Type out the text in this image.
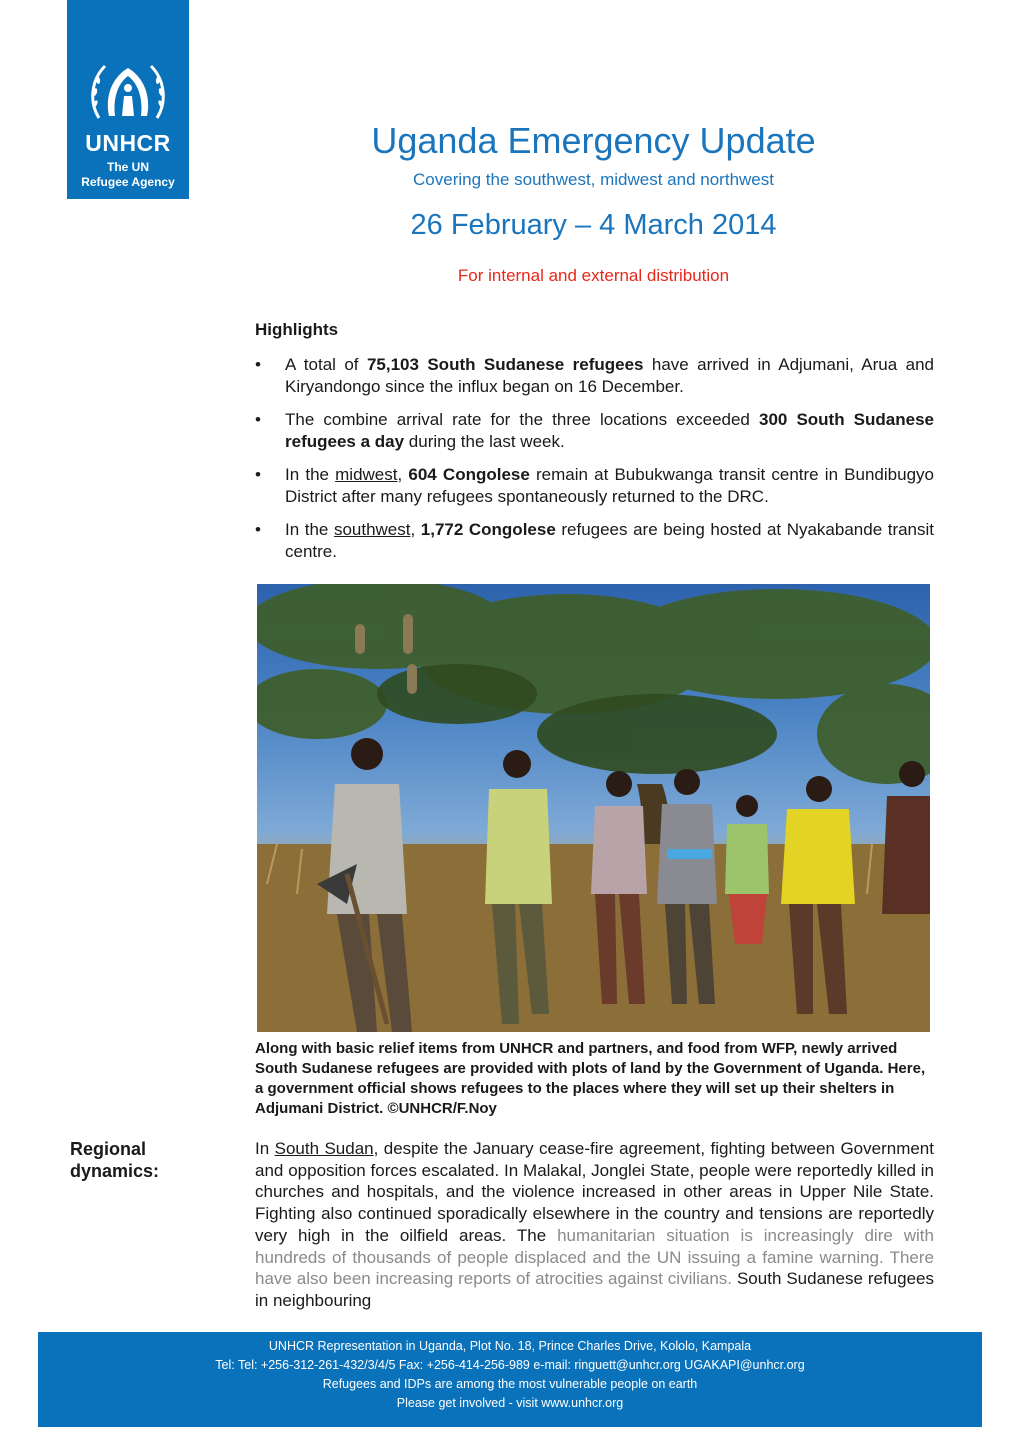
UNHCR
The UN
Refugee Agency
Uganda Emergency Update
Covering the southwest, midwest and northwest
26 February – 4 March 2014
For internal and external distribution
Highlights
• A total of 75,103 South Sudanese refugees have arrived in Adjumani, Arua and Kiryandongo since the influx began on 16 December.
• The combine arrival rate for the three locations exceeded 300 South Sudanese refugees a day during the last week.
• In the midwest, 604 Congolese remain at Bubukwanga transit centre in Bundibugyo District after many refugees spontaneously returned to the DRC.
• In the southwest, 1,772 Congolese refugees are being hosted at Nyakabande transit centre.
Along with basic relief items from UNHCR and partners, and food from WFP, newly arrived South Sudanese refugees are provided with plots of land by the Government of Uganda. Here, a government official shows refugees to the places where they will set up their shelters in Adjumani District. ©UNHCR/F.Noy
Regional
dynamics:
In South Sudan, despite the January cease-fire agreement, fighting between Government and opposition forces escalated. In Malakal, Jonglei State, people were reportedly killed in churches and hospitals, and the violence increased in other areas in Upper Nile State. Fighting also continued sporadically elsewhere in the country and tensions are reportedly very high in the oilfield areas. The humanitarian situation is increasingly dire with hundreds of thousands of people displaced and the UN issuing a famine warning. There have also been increasing reports of atrocities against civilians. South Sudanese refugees in neighbouring
UNHCR Representation in Uganda, Plot No. 18, Prince Charles Drive, Kololo, Kampala
Tel: Tel: +256-312-261-432/3/4/5 Fax: +256-414-256-989 e-mail: ringuett@unhcr.org UGAKAPI@unhcr.org
Refugees and IDPs are among the most vulnerable people on earth
Please get involved - visit www.unhcr.org
